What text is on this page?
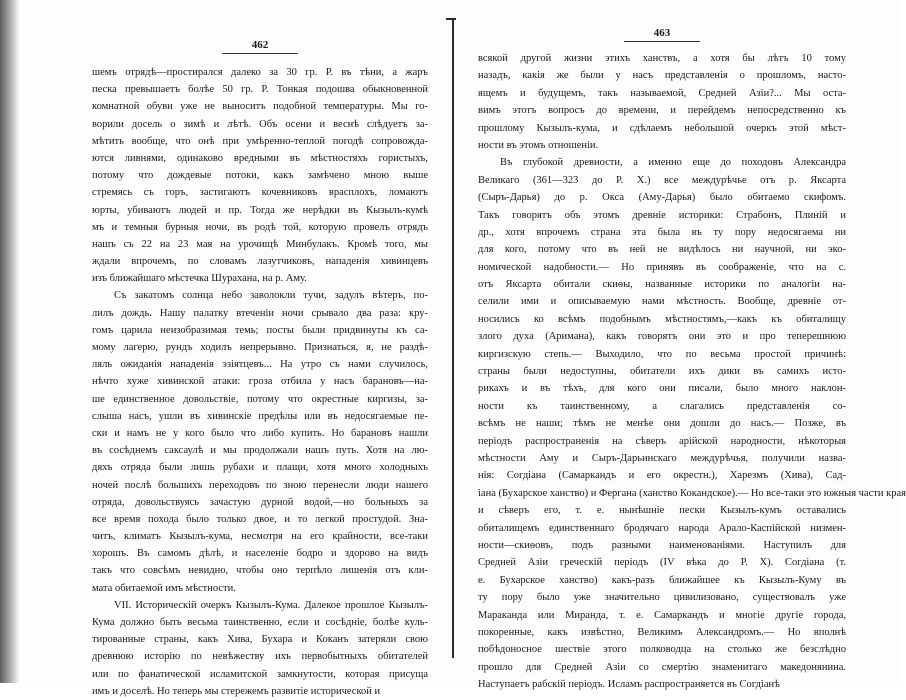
462
шемъ отрядѣ—простирался далеко за 30 гр. Р. въ тѣни, а жаръ
песка превышаетъ болѣе 50 гр. Р. Тонкая подошва обыкновенной
комнатной обуви уже не выноситъ подобной температуры. Мы го-
ворили досель о зимѣ и лѣтѣ. Объ осени и веснѣ слѣдуетъ за-
мѣтить вообще, что онѣ при умѣренно-теплой погодѣ сопровожда-
ются ливнями, одинаково вредными въ мѣстностяхъ гористыхъ,
потому что дождевые потоки, какъ замѣчено мною выше
стремясь съ горъ, застигаютъ кочевниковъ врасплохъ, ломаютъ
юрты, убиваютъ людей и пр. Тогда же нерѣдки въ Кызылъ-кумѣ
мъ и темныя бурныя ночи, въ родѣ той, которую провелъ отрядъ
нашъ съ 22 на 23 мая на урочищѣ Минбулакъ. Кромѣ того, мы
ждали впрочемъ, по словамъ лазутчиковъ, нападенія хивинцевъ
изъ ближайшаго мѣстечка Шурахана, на р. Аму.
Съ закатомъ солнца небо заволокли тучи, задулъ вѣтеръ, по-
лилъ дождь. Нашу палатку втеченіи ночи срывало два раза: кру-
гомъ царила неизобразимая темь; посты были придвинуты къ са-
мому лагерю, рундъ ходилъ непрерывно. Признаться, я, не раздѣ-
ляль ожиданія нападенія эзіятцевъ... На утро съ нами случилось,
нѣчто хуже хивинской атаки: гроза отбила у насъ барановъ—на-
ше единственное довольствіе, потому что окрестные киргизы, за-
слыша насъ, ушли въ хивинскіе предѣлы или въ недосягаемые пе-
ски и намъ не у кого было что либо купить. Но барановъ нашли
въ сосѣднемъ саксаулѣ и мы продолжали нашъ путь. Хотя на лю-
дяхъ отряда были лишь рубахи и плащи, хотя много холодныхъ
ночей послѣ большихъ переходовъ по зною перенесли люди нашего
отряда, довольствуясь зачастую дурной водой,—но больныхъ за
все время похода было только двое, и то легкой простудой. Зна-
читъ, климатъ Кызылъ-кума, несмотря на его крайности, все-таки
хорошъ. Въ самомъ дѣлѣ, и населеніе бодро и здорово на видъ
такъ что совсѣмъ невидно, чтобы оно терпѣло лишенія отъ кли-
мата обитаемой имъ мѣстности.
VII. Историческій очеркъ Кызылъ-Кума. Далекое прошлое Кызылъ-
Кума должно быть весьма таинственно, если и сосѣдніе, болѣе куль-
тированные страны, какъ Хива, Бухара и Коканъ затеряли свою
древнюю исторію по невѣжеству ихъ первобытныхъ обитателей
или по фанатической исламитской замкнутости, которая присуща
имъ и доселѣ. Но теперь мы стережемъ развитіе исторической и
463
всякой другой жизни этихъ ханствъ, а хотя бы лѣтъ 10 тому
назадъ, какія же были у насъ представленія о прошломъ, насто-
ящемъ и будущемъ, такъ называемой, Средней Азіи?... Мы оста-
вимъ этотъ вопросъ до времени, и перейдемъ непосредственно къ
прошлому Кызылъ-кума, и сдѣлаемъ небольшой очеркъ этой мѣст-
ности въ этомъ отношеніи.
Въ глубокой древности, а именно еще до походовъ Александра
Великаго (361—323 до Р. Х.) все междурѣчье отъ р. Яксарта
(Сыръ-Дарья) до р. Окса (Аму-Дарья) было обитаемо скифомъ.
Такъ говорятъ объ этомъ древніе историки: Страбонъ, Плиній и
др., хотя впрочемъ страна эта была въ ту пору недосягаема ни
для кого, потому что въ ней не видѣлось ни научной, ни эко-
номической надобности.— Но принявъ въ соображеніе, что на с.
отъ Яксарта обитали скиѳы, названные историки по аналогіи на-
селили ими и описываемую нами мѣстность. Вообще, древніе от-
носились ко всѣмъ подобнымъ мѣстностямъ,—какъ къ обиталищу
злого духа (Аримана), какъ говорятъ они это и про теперешнюю
киргизскую степь.— Выходило, что по весьма простой причинѣ:
страны были недоступны, обитатели ихъ дики въ самихъ исто-
рикахъ и въ тѣхъ, для кого они писали, было много наклон-
ности къ таинственному, а слагались представленія со-
всѣмъ не наши; тѣмъ не менѣе они дошли до насъ.— Позже, въ
періодъ распространенія на сѣверъ арійской народности, нѣкоторыя
мѣстности Аму и Сыръ-Дарьинскаго междурѣчья, получили назва-
нія: Согдіана (Самаркандъ и его окрестн.), Харезмъ (Хива), Сад-
іана (Бухарское ханство) и Фергана (ханство Кокандское).— Но все-таки это южныя части края
и сѣверъ его, т. е. нынѣшніе пески Кызылъ-кумъ оставались
обиталищемъ единственнаго бродячаго народа Арало-Каспійской низмен-
ности—скиѳовъ, подъ разными наименованіями. Наступилъ для
Средней Азіи греческій періодъ (IV вѣка до Р. Х). Согдіана (т.
е. Бухарское ханство) какъ-разъ ближайшее къ Кызылъ-Куму въ
ту пору было уже значительно цивилизовано, существовалъ уже
Мараканда или Миранда, т. е. Самаркандъ и многіе другіе города,
покоренные, какъ извѣстно, Великимъ Александромъ.— Но вполнѣ
побѣдоносное шествіе этого полководца на столько же безслѣдно
прошло для Средней Азіи со смертію знаменитаго македонянина.
Наступаетъ рабскій періодъ. Исламъ распространяется въ Согдіанѣ
